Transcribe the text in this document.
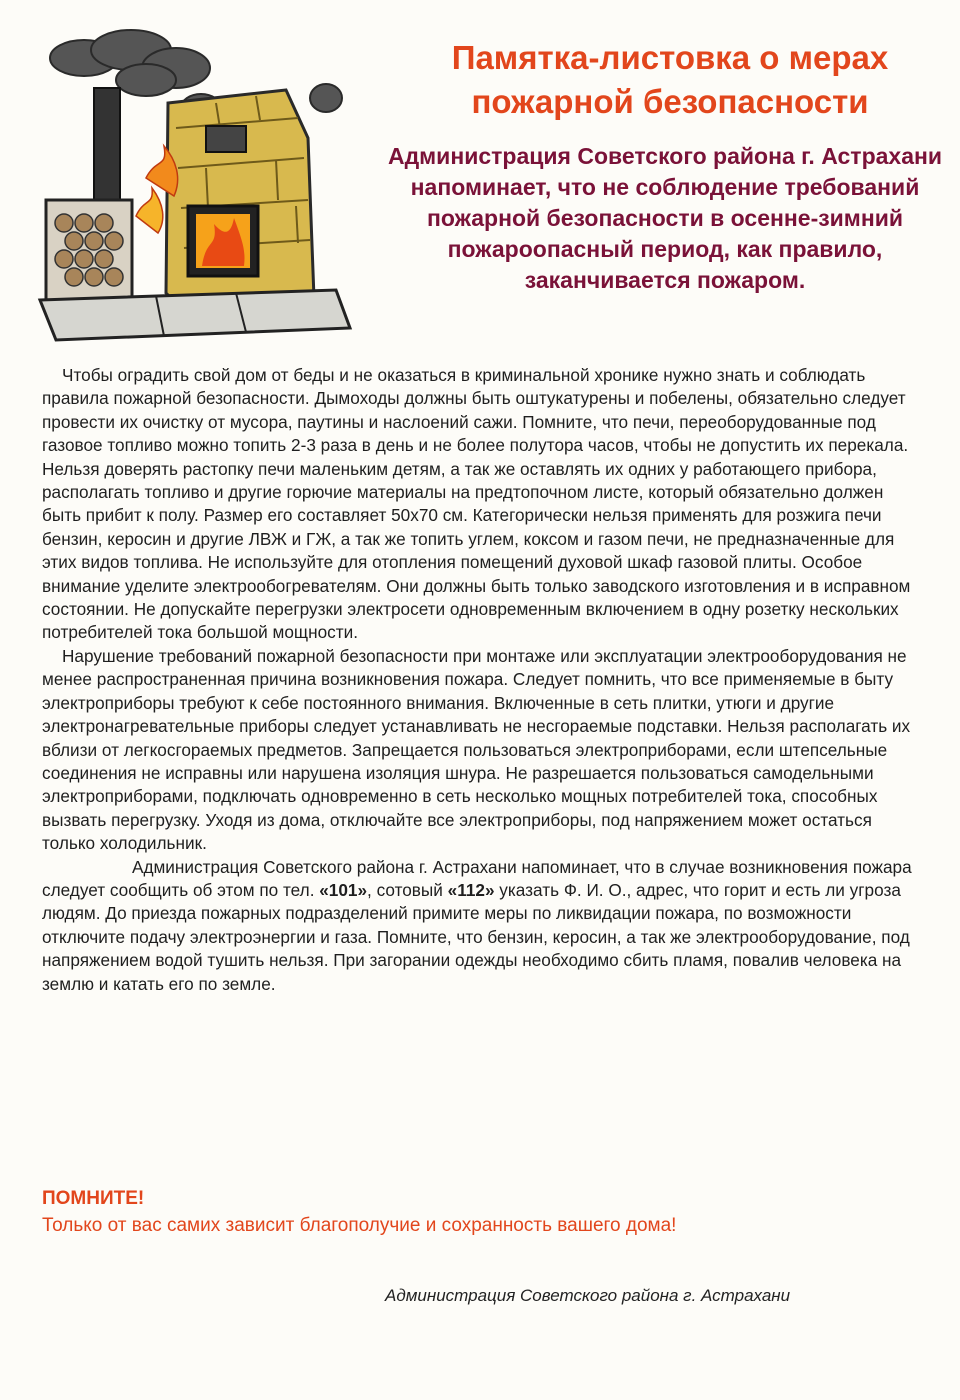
Памятка-листовка о мерах пожарной безопасности
Администрация Советского района г. Астрахани напоминает, что не соблюдение требований пожарной безопасности в осенне-зимний пожароопасный период, как правило, заканчивается пожаром.

Чтобы оградить свой дом от беды и не оказаться в криминальной хронике нужно знать и соблюдать правила пожарной безопасности. Дымоходы должны быть оштукатурены и побелены, обязательно следует провести их очистку от мусора, паутины и наслоений сажи. Помните, что печи, переоборудованные под газовое топливо можно топить 2-3 раза в день и не более полутора часов, чтобы не допустить их перекала. Нельзя доверять растопку печи маленьким детям, а так же оставлять их одних у работающего прибора, располагать топливо и другие горючие материалы на предтопочном листе, который обязательно должен быть прибит к полу. Размер его составляет 50х70 см. Категорически нельзя применять для розжига печи бензин, керосин и другие ЛВЖ и ГЖ, а так же топить углем, коксом и газом печи, не предназначенные для этих видов топлива. Не используйте для отопления помещений духовой шкаф газовой плиты. Особое внимание уделите электрообогревателям. Они должны быть только заводского изготовления и в исправном состоянии. Не допускайте перегрузки электросети одновременным включением в одну розетку нескольких потребителей тока большой мощности.

Нарушение требований пожарной безопасности при монтаже или эксплуатации электрооборудования не менее распространенная причина возникновения пожара. Следует помнить, что все применяемые в быту электроприборы требуют к себе постоянного внимания. Включенные в сеть плитки, утюги и другие электронагревательные приборы следует устанавливать не несгораемые подставки. Нельзя располагать их вблизи от легкосгораемых предметов. Запрещается пользоваться электроприборами, если штепсельные соединения не исправны или нарушена изоляция шнура. Не разрешается пользоваться самодельными электроприборами, подключать одновременно в сеть несколько мощных потребителей тока, способных вызвать перегрузку. Уходя из дома, отключайте все электроприборы, под напряжением может остаться только холодильник.

Администрация Советского района г. Астрахани напоминает, что в случае возникновения пожара следует сообщить об этом по тел. «101», сотовый «112» указать Ф. И. О., адрес, что горит и есть ли угроза людям. До приезда пожарных подразделений примите меры по ликвидации пожара, по возможности отключите подачу электроэнергии и газа. Помните, что бензин, керосин, а так же электрооборудование, под напряжением водой тушить нельзя. При загорании одежды необходимо сбить пламя, повалив человека на землю и катать его по земле.

ПОМНИТЕ!

Только от вас самих зависит благополучие и сохранность вашего дома!

Администрация Советского района г. Астрахани
